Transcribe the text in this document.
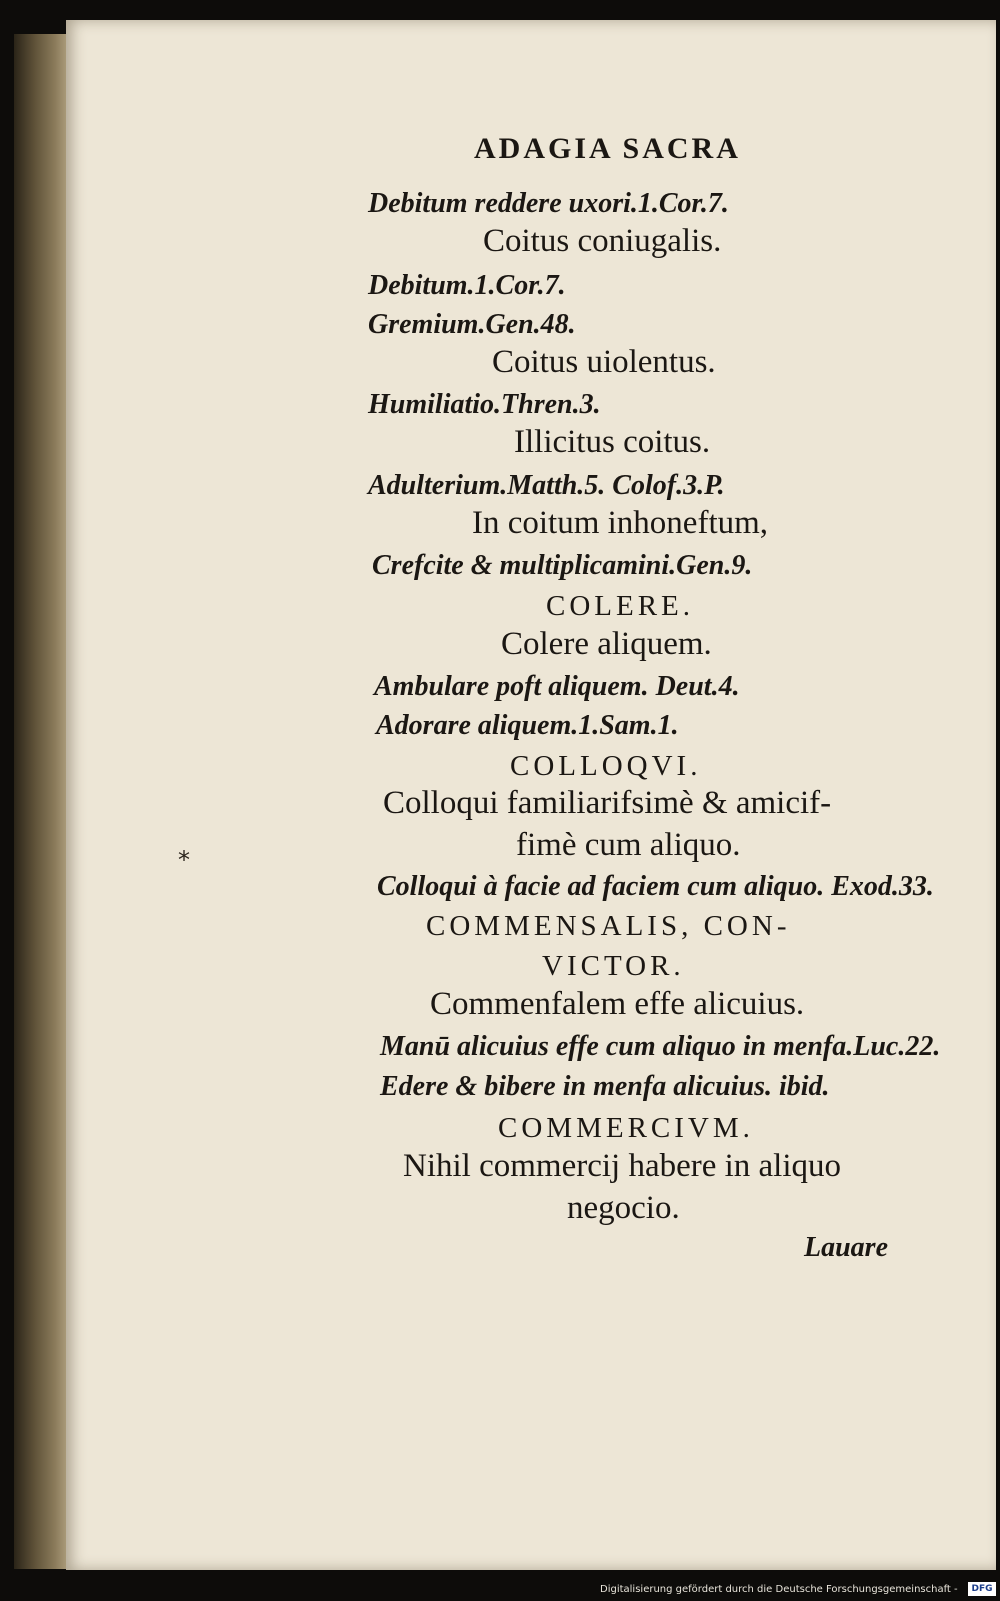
ADAGIA SACRA
Debitum reddere uxori.1.Cor.7.
Coitus coniugalis.
Debitum.1.Cor.7.
Gremium.Gen.48.
Coitus uiolentus.
Humiliatio.Thren.3.
Illicitus coitus.
Adulterium.Matth.5. Colof.3.P.
In coitum inhoneftum,
Crefcite & multiplicamini.Gen.9.
COLERE.
Colere aliquem.
Ambulare poft aliquem. Deut.4.
Adorare aliquem.1.Sam.1.
COLLOQVI.
Colloqui familiarifsimè & amicif-
fimè cum aliquo.
Colloqui à facie ad faciem cum aliquo. Exod.33.
COMMENSALIS, CON-
VICTOR.
Commenfalem effe alicuius.
Manū alicuius effe cum aliquo in menfa.Luc.22.
Edere & bibere in menfa alicuius. ibid.
COMMERCIVM.
Nihil commercij habere in aliquo
negocio.
Lauare
*
Digitalisierung gefördert durch die Deutsche Forschungsgemeinschaft -	DFG
